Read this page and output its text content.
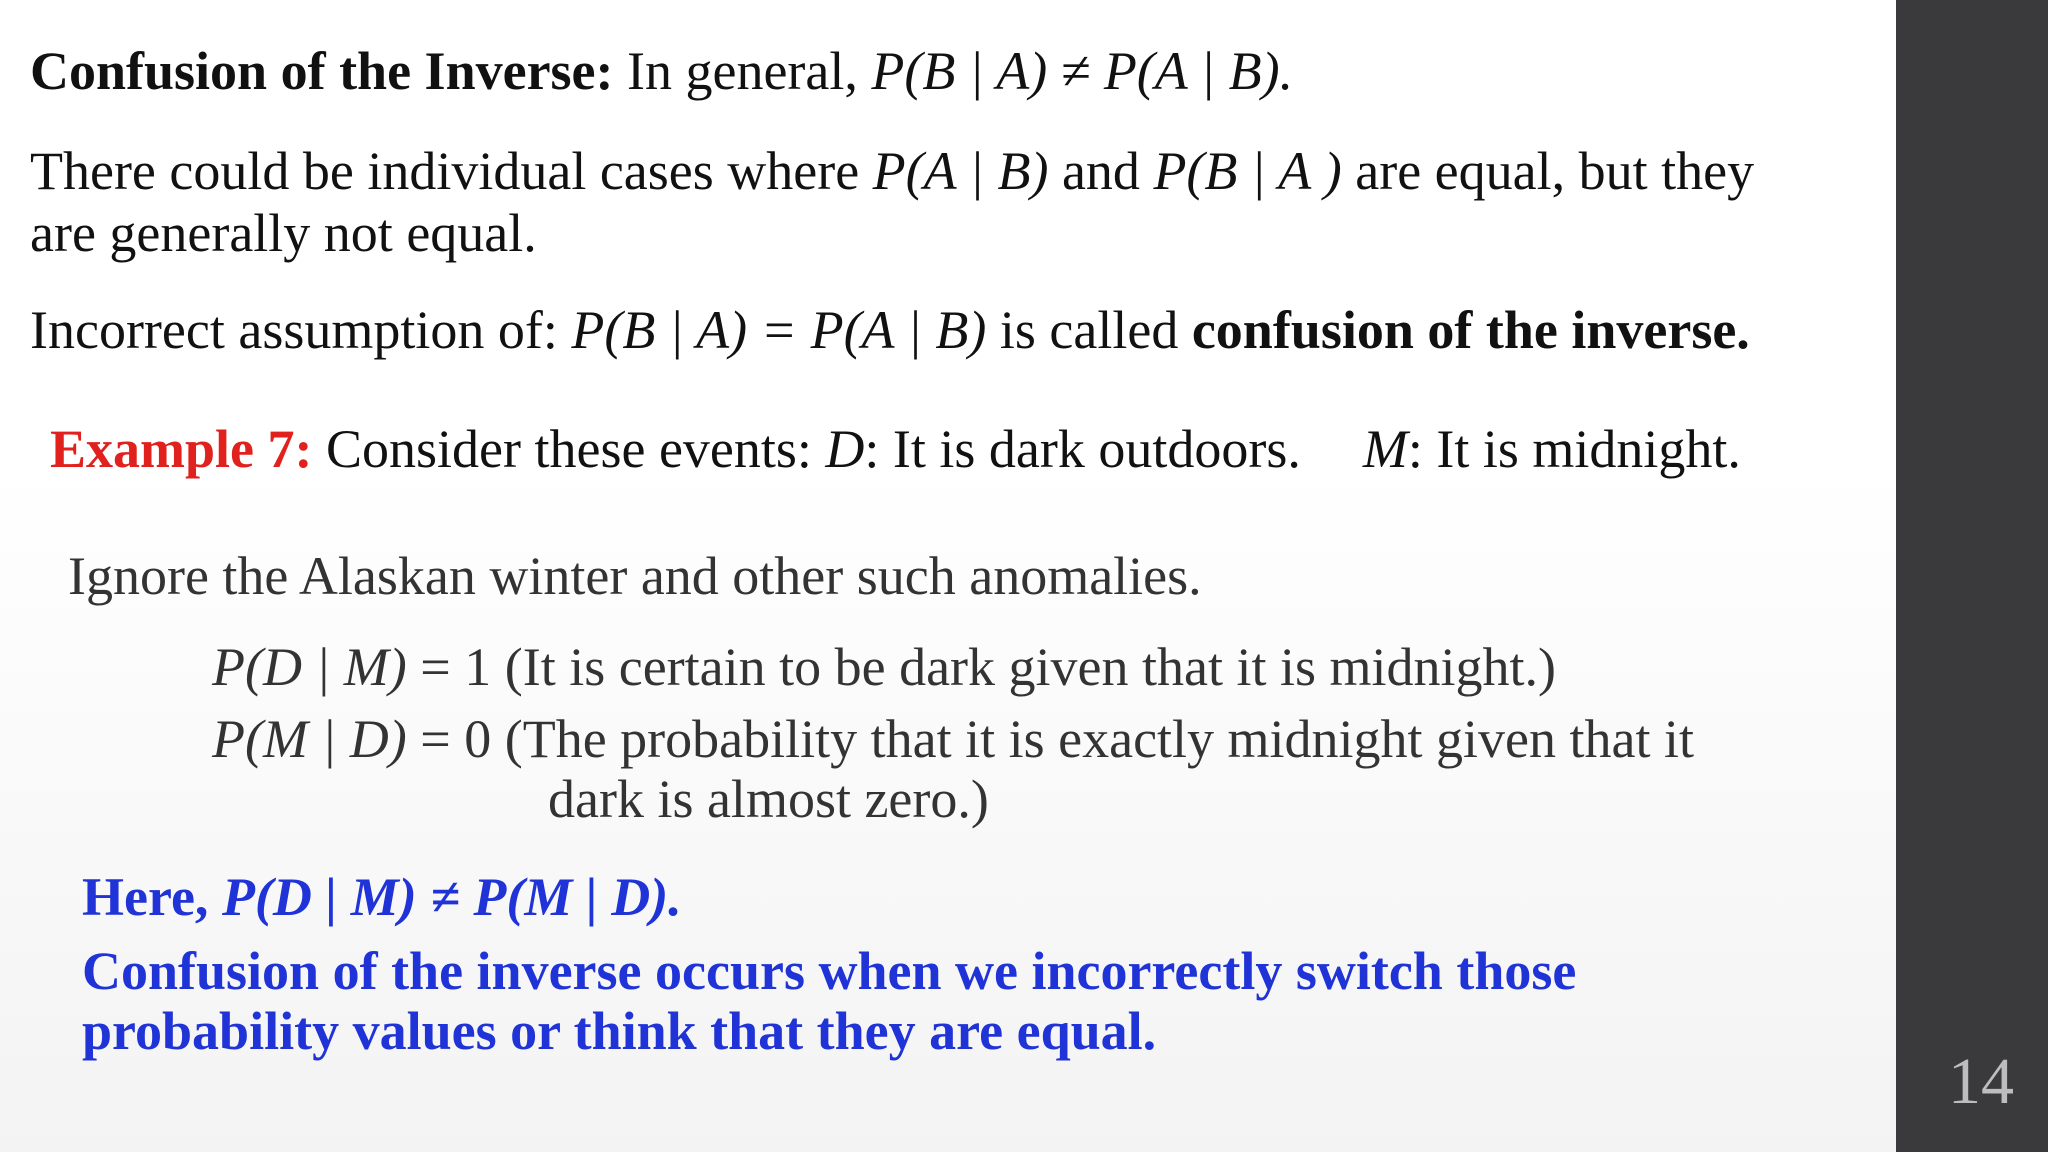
Confusion of the Inverse: In general, P(B | A) ≠ P(A | B).
There could be individual cases where P(A | B) and P(B | A ) are equal, but they
are generally not equal.
Incorrect assumption of: P(B | A) = P(A | B) is called confusion of the inverse.
Example 7: Consider these events: D: It is dark outdoors. M: It is midnight.
Ignore the Alaskan winter and other such anomalies.
P(D | M) = 1 (It is certain to be dark given that it is midnight.)
P(M | D) = 0 (The probability that it is exactly midnight given that it
dark is almost zero.)
Here, P(D | M) ≠ P(M | D).
Confusion of the inverse occurs when we incorrectly switch those
probability values or think that they are equal.
14
